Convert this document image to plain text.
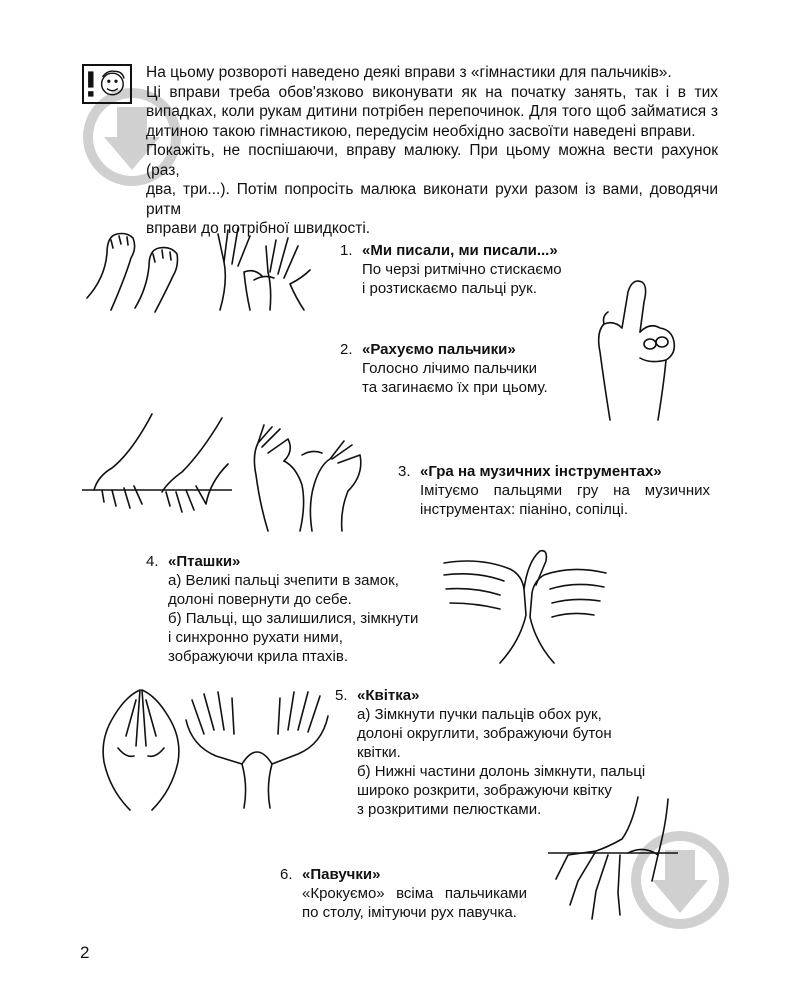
На цьому розвороті наведено деякі вправи з «гімнастики для пальчиків».
Ці вправи треба обов'язково виконувати як на початку занять, так і в тих
випадках, коли рукам дитини потрібен перепочинок. Для того щоб займатися з
дитиною такою гімнастикою, передусім необхідно засвоїти наведені вправи.
Покажіть, не поспішаючи, вправу малюку. При цьому можна вести рахунок (раз,
два, три...). Потім попросіть малюка виконати рухи разом із вами, доводячи ритм
вправи до потрібної швидкості.

1. «Ми писали, ми писали...»
По черзі ритмічно стискаємо
і розтискаємо пальці рук.
2. «Рахуємо пальчики»
Голосно лічимо пальчики
та загинаємо їх при цьому.
3. «Гра на музичних інструментах»
Імітуємо пальцями гру на музичних
інструментах: піаніно, сопілці.
4. «Пташки»
а) Великі пальці зчепити в замок,
долоні повернути до себе.
б) Пальці, що залишилися, зімкнути
і синхронно рухати ними,
зображуючи крила птахів.
5. «Квітка»
а) Зімкнути пучки пальців обох рук,
долоні округлити, зображуючи бутон
квітки.
б) Нижні частини долонь зімкнути, пальці
широко розкрити, зображуючи квітку
з розкритими пелюстками.
6. «Павучки»
«Крокуємо» всіма пальчиками
по столу, імітуючи рух павучка.
2
